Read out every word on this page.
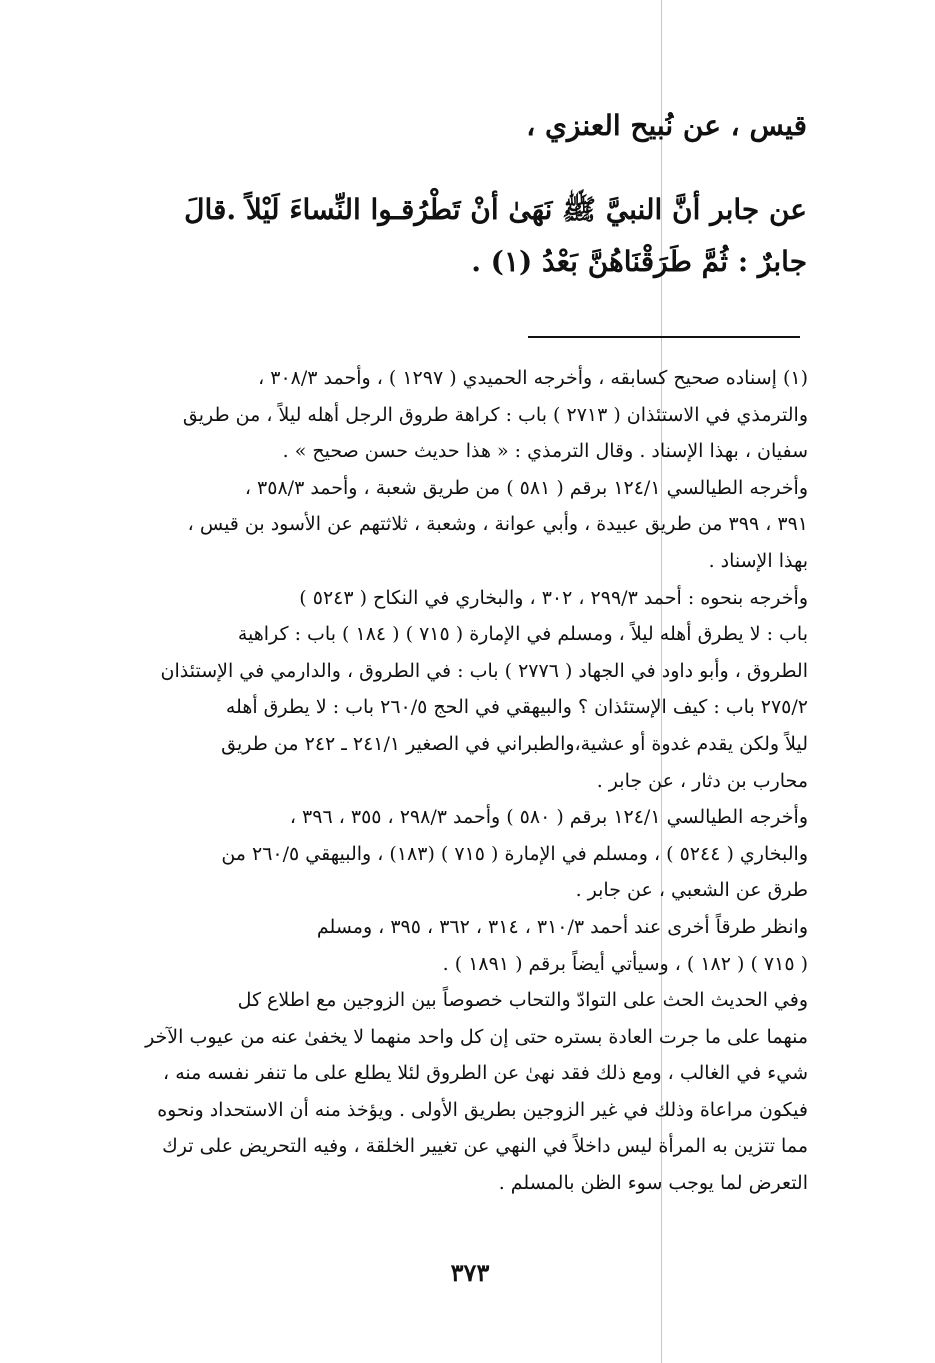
قيس ، عن نُبيح العنزي ،

عن جابر أنَّ النبيَّ ﷺ نَهَىٰ أنْ تَطْرُقـوا النِّساءَ لَيْلاً .قالَ

جابرٌ : ثُمَّ طَرَقْنَاهُنَّ بَعْدُ (١) .

(١) إسناده صحيح كسابقه ، وأخرجه الحميدي ( ١٢٩٧ ) ، وأحمد ٣٠٨/٣ ،

والترمذي في الاستئذان ( ٢٧١٣ ) باب : كراهة طروق الرجل أهله ليلاً ، من طريق

سفيان ، بهذا الإسناد . وقال الترمذي : « هذا حديث حسن صحيح » .

وأخرجه الطيالسي ١٢٤/١ برقم ( ٥٨١ ) من طريق شعبة ، وأحمد ٣٥٨/٣ ،

٣٩١ ، ٣٩٩ من طريق عبيدة ، وأبي عوانة ، وشعبة ، ثلاثتهم عن الأسود بن قيس ،

بهذا الإسناد .

وأخرجه بنحوه : أحمد ٢٩٩/٣ ، ٣٠٢ ، والبخاري في النكاح ( ٥٢٤٣ )

باب : لا يطرق أهله ليلاً ، ومسلم في الإمارة ( ٧١٥ ) ( ١٨٤ ) باب : كراهية

الطروق ، وأبو داود في الجهاد ( ٢٧٧٦ ) باب : في الطروق ، والدارمي في الإستئذان

٢٧٥/٢ باب : كيف الإستئذان ؟ والبيهقي في الحج ٢٦٠/٥ باب : لا يطرق أهله

ليلاً ولكن يقدم غدوة أو عشية،والطبراني في الصغير ٢٤١/١ ـ ٢٤٢ من طريق

محارب بن دثار ، عن جابر .

وأخرجه الطيالسي ١٢٤/١ برقم ( ٥٨٠ ) وأحمد ٢٩٨/٣ ، ٣٥٥ ، ٣٩٦ ،

والبخاري ( ٥٢٤٤ ) ، ومسلم في الإمارة ( ٧١٥ ) (١٨٣) ، والبيهقي ٢٦٠/٥ من

طرق عن الشعبي ، عن جابر .

وانظر طرقاً أخرى عند أحمد ٣١٠/٣ ، ٣١٤ ، ٣٦٢ ، ٣٩٥ ، ومسلم

( ٧١٥ ) ( ١٨٢ ) ، وسيأتي أيضاً برقم ( ١٨٩١ ) .

وفي الحديث الحث على التوادّ والتحاب خصوصاً بين الزوجين مع اطلاع كل

منهما على ما جرت العادة بستره حتى إن كل واحد منهما لا يخفىٰ عنه من عيوب الآخر

شيء في الغالب ، ومع ذلك فقد نهىٰ عن الطروق لئلا يطلع على ما تنفر نفسه منه ،

فيكون مراعاة وذلك في غير الزوجين بطريق الأولى . ويؤخذ منه أن الاستحداد ونحوه

مما تتزين به المرأة ليس داخلاً في النهي عن تغيير الخلقة ، وفيه التحريض على ترك

التعرض لما يوجب سوء الظن بالمسلم .

٣٧٣
